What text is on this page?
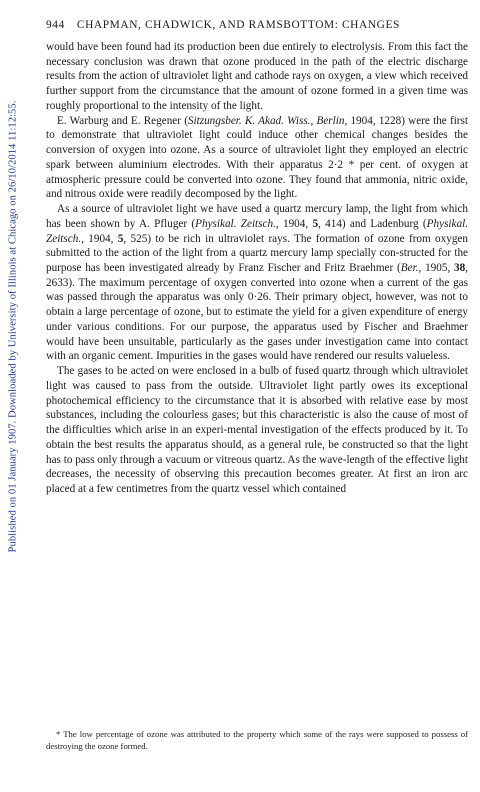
Published on 01 January 1907. Downloaded by University of Illinois at Chicago on 26/10/2014 11:12:55.
944 CHAPMAN, CHADWICK, AND RAMSBOTTOM: CHANGES

would have been found had its production been due entirely to electrolysis. From this fact the necessary conclusion was drawn that ozone produced in the path of the electric discharge results from the action of ultraviolet light and cathode rays on oxygen, a view which received further support from the circumstance that the amount of ozone formed in a given time was roughly proportional to the intensity of the light.

E. Warburg and E. Regener (Sitzungsber. K. Akad. Wiss., Berlin, 1904, 1228) were the first to demonstrate that ultraviolet light could induce other chemical changes besides the conversion of oxygen into ozone. As a source of ultraviolet light they employed an electric spark between aluminium electrodes. With their apparatus 2·2 * per cent. of oxygen at atmospheric pressure could be converted into ozone. They found that ammonia, nitric oxide, and nitrous oxide were readily decomposed by the light.

As a source of ultraviolet light we have used a quartz mercury lamp, the light from which has been shown by A. Pfluger (Physikal. Zeitsch., 1904, 5, 414) and Ladenburg (Physikal. Zeitsch., 1904, 5, 525) to be rich in ultraviolet rays. The formation of ozone from oxygen submitted to the action of the light from a quartz mercury lamp specially con-structed for the purpose has been investigated already by Franz Fischer and Fritz Braehmer (Ber., 1905, 38, 2633). The maximum percentage of oxygen converted into ozone when a current of the gas was passed through the apparatus was only 0·26. Their primary object, however, was not to obtain a large percentage of ozone, but to estimate the yield for a given expenditure of energy under various conditions. For our purpose, the apparatus used by Fischer and Braehmer would have been unsuitable, particularly as the gases under investigation came into contact with an organic cement. Impurities in the gases would have rendered our results valueless.

The gases to be acted on were enclosed in a bulb of fused quartz through which ultraviolet light was caused to pass from the outside. Ultraviolet light partly owes its exceptional photochemical efficiency to the circumstance that it is absorbed with relative ease by most substances, including the colourless gases; but this characteristic is also the cause of most of the difficulties which arise in an experi-mental investigation of the effects produced by it. To obtain the best results the apparatus should, as a general rule, be constructed so that the light has to pass only through a vacuum or vitreous quartz. As the wave-length of the effective light decreases, the necessity of observing this precaution becomes greater. At first an iron arc placed at a few centimetres from the quartz vessel which contained

* The low percentage of ozone was attributed to the property which some of the rays were supposed to possess of destroying the ozone formed.
